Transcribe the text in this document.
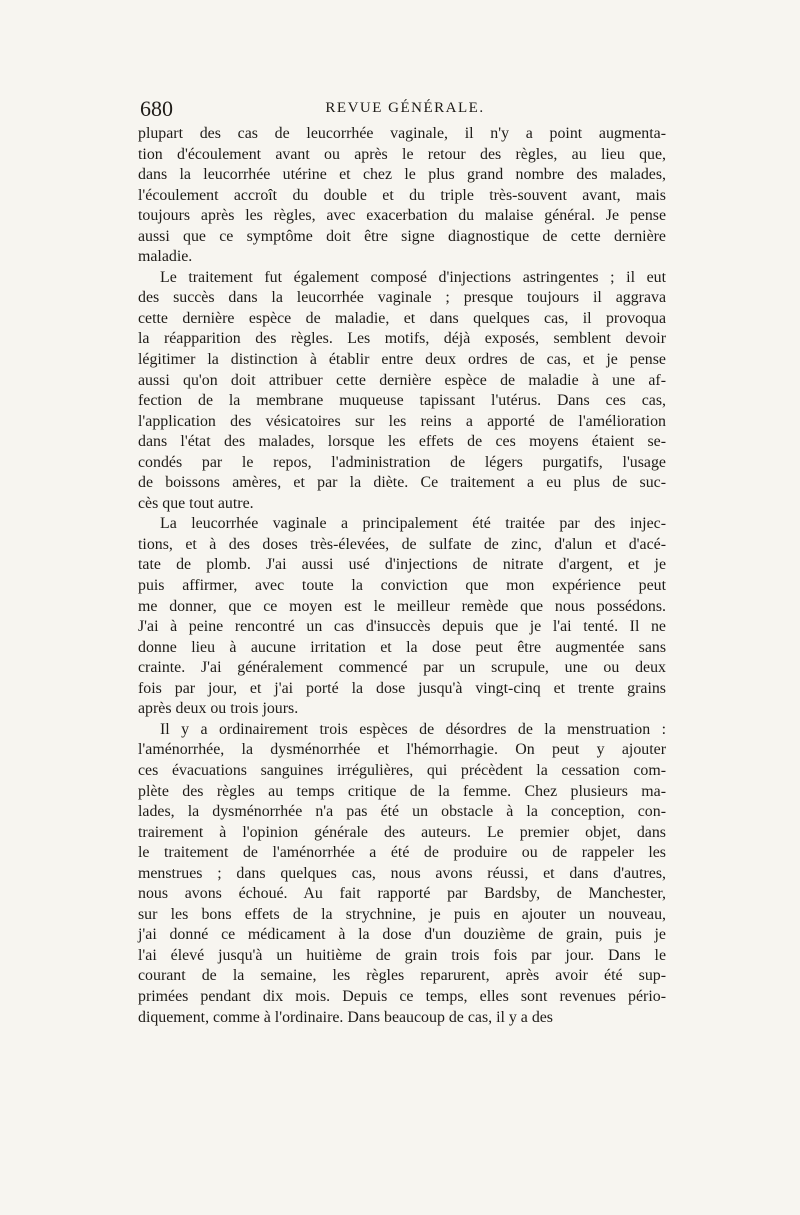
680	REVUE GÉNÉRALE.

plupart des cas de leucorrhée vaginale, il n'y a point augmenta-
tion d'écoulement avant ou après le retour des règles, au lieu que,
dans la leucorrhée utérine et chez le plus grand nombre des malades,
l'écoulement accroît du double et du triple très-souvent avant, mais
toujours après les règles, avec exacerbation du malaise général. Je pense
aussi que ce symptôme doit être signe diagnostique de cette dernière
maladie.

Le traitement fut également composé d'injections astringentes ; il eut
des succès dans la leucorrhée vaginale ; presque toujours il aggrava
cette dernière espèce de maladie, et dans quelques cas, il provoqua
la réapparition des règles. Les motifs, déjà exposés, semblent devoir
légitimer la distinction à établir entre deux ordres de cas, et je pense
aussi qu'on doit attribuer cette dernière espèce de maladie à une af-
fection de la membrane muqueuse tapissant l'utérus. Dans ces cas,
l'application des vésicatoires sur les reins a apporté de l'amélioration
dans l'état des malades, lorsque les effets de ces moyens étaient se-
condés par le repos, l'administration de légers purgatifs, l'usage
de boissons amères, et par la diète. Ce traitement a eu plus de suc-
cès que tout autre.

La leucorrhée vaginale a principalement été traitée par des injec-
tions, et à des doses très-élevées, de sulfate de zinc, d'alun et d'acé-
tate de plomb. J'ai aussi usé d'injections de nitrate d'argent, et je
puis affirmer, avec toute la conviction que mon expérience peut
me donner, que ce moyen est le meilleur remède que nous possédons.
J'ai à peine rencontré un cas d'insuccès depuis que je l'ai tenté. Il ne
donne lieu à aucune irritation et la dose peut être augmentée sans
crainte. J'ai généralement commencé par un scrupule, une ou deux
fois par jour, et j'ai porté la dose jusqu'à vingt-cinq et trente grains
après deux ou trois jours.

Il y a ordinairement trois espèces de désordres de la menstruation :
l'aménorrhée, la dysménorrhée et l'hémorrhagie. On peut y ajouter
ces évacuations sanguines irrégulières, qui précèdent la cessation com-
plète des règles au temps critique de la femme. Chez plusieurs ma-
lades, la dysménorrhée n'a pas été un obstacle à la conception, con-
trairement à l'opinion générale des auteurs. Le premier objet, dans
le traitement de l'aménorrhée a été de produire ou de rappeler les
menstrues ; dans quelques cas, nous avons réussi, et dans d'autres,
nous avons échoué. Au fait rapporté par Bardsby, de Manchester,
sur les bons effets de la strychnine, je puis en ajouter un nouveau,
j'ai donné ce médicament à la dose d'un douzième de grain, puis je
l'ai élevé jusqu'à un huitième de grain trois fois par jour. Dans le
courant de la semaine, les règles reparurent, après avoir été sup-
primées pendant dix mois. Depuis ce temps, elles sont revenues pério-
diquement, comme à l'ordinaire. Dans beaucoup de cas, il y a des
